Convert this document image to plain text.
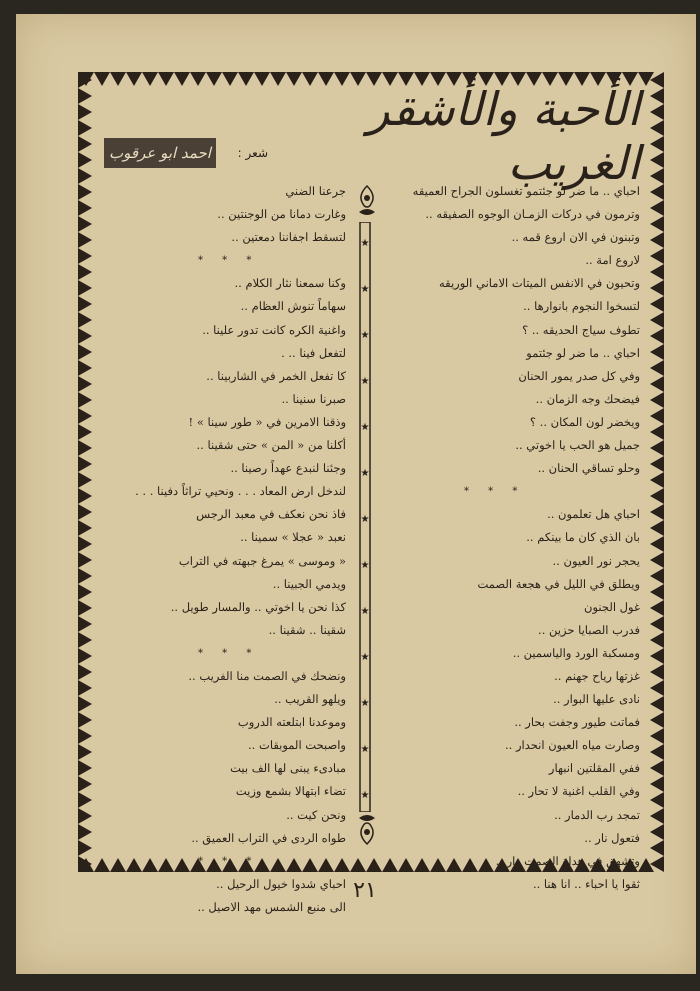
الأحبة والأشقر الغريب
شعر :
احمد ابو عرقوب
احباي .. ما ضر لو جئتمو تغسلون الجراح العميقه
وترمون في دركات الزمـان الوجوه الصفيقه ..
وتبنون في الان اروع قمه ..
لاروع امة ..
وتحيون في الانفس الميتات الاماني الوريقه
لتسخوا النجوم بانوارها ..
تطوف سياج الحديقه .. ؟
احباي .. ما ضر لو جئتمو
وفي كل صدر يمور الحنان
فيضحك وجه الزمان ..
ويخضر لون المكان .. ؟
جميل هو الحب يا اخوتي ..
وحلو تساقي الحنان ..
* * *
احباي هل تعلمون ..
بان الذي كان ما بينكم ..
يحجر نور العيون ..
ويطلق في الليل في هجعة الصمت
غول الجنون
فدرب الصبايا حزين ..
ومسكبة الورد والياسمين ..
غزتها رياح جهنم ..
نادى عليها البوار ..
فماتت طيور وجفت بحار ..
وصارت مياه العيون انحدار ..
ففي المقلتين انبهار
وفي القلب اغنية لا تحار ..
تمجد رب الدمار ..
فتعول نار ..
وتشهق في هداة الصمت دار ..
ثقوا يا احباء .. انا هنا ..
جرعنا الضني
وغارت دمانا من الوجنتين ..
لتسقط اجفاننا دمعتين ..
* * *
وكنا سمعنا نثار الكلام ..
سهاماً تنوش العظام ..
واغنية الكره كانت تدور علينا ..
لتفعل فينا .. .
كا تفعل الخمر في الشاربينا ..
صبرنا سنينا ..
وذقنا الامرين في « طور سينا » !
أكلنا من « المن » حتى شقينا ..
وجئنا لنبدع عهداً رصينا ..
لندخل ارض المعاد . . . ونحيي تراثاً دفينا . . .
فاذ نحن نعكف في معبد الرجس
نعبد « عجلا » سمينا ..
« وموسى » يمرغ جبهته في التراب
ويدمي الجبينا ..
كذا نحن يا اخوتي .. والمسار طويل ..
شقينا .. شقينا ..
* * *
ونضحك في الصمت منا الفريب ..
ويلهو القريب ..
وموعدنا ابتلعته الدروب
واصبحت الموبقات ..
مبادىء يبنى لها الف بيت
تضاء ابتهالا بشمع وزيت
ونحن كيت ..
طواه الردى في التراب العميق ..
* * *
احباي شدوا خيول الرحيل ..
الى منبع الشمس مهد الاصيل ..
★
★
★
★
★
★
★
★
★
★
★
★
★
٢١
